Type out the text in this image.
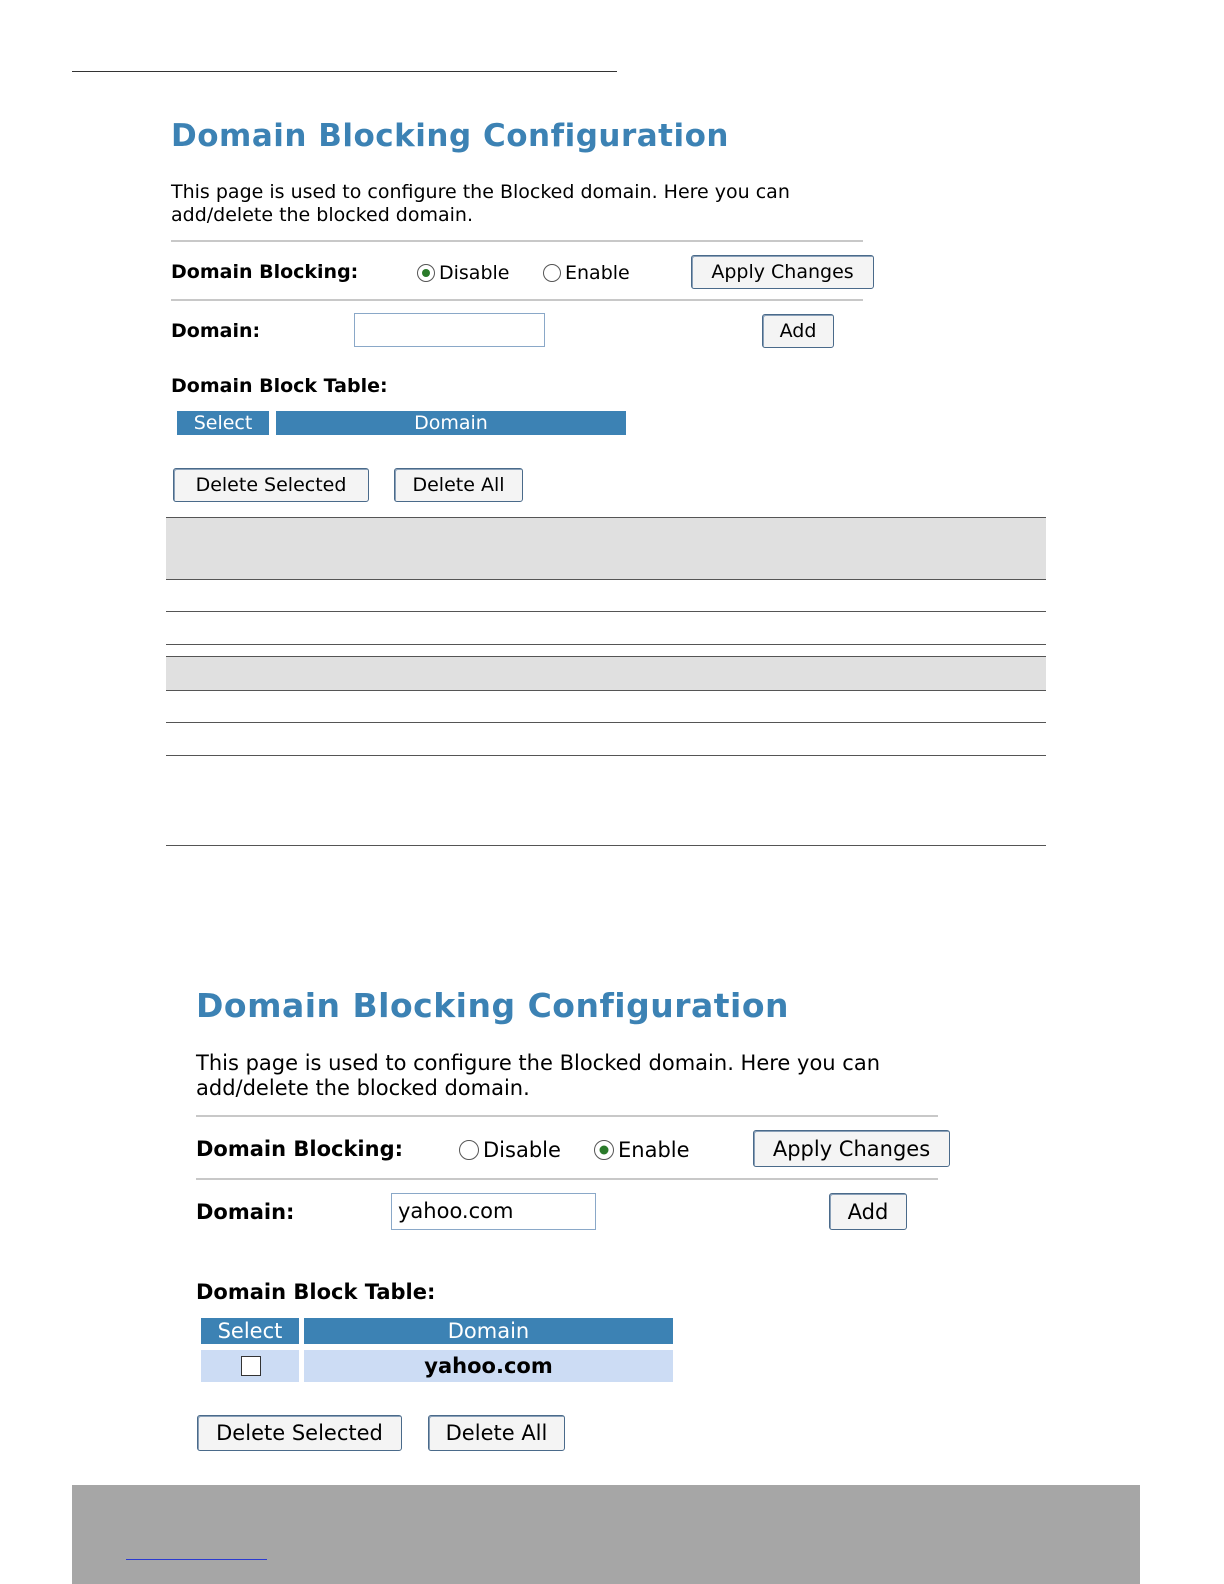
Domain Blocking Configuration
This page is used to configure the Blocked domain. Here you can add/delete the blocked domain.
Domain Blocking:	Disable	Enable	Apply Changes
Domain:	Add
Domain Block Table:
Select	Domain
Delete Selected	Delete All
Domain Blocking Configuration
This page is used to configure the Blocked domain. Here you can add/delete the blocked domain.
Domain Blocking:	Disable	Enable	Apply Changes
Domain:	yahoo.com	Add
Domain Block Table:
Select	Domain
yahoo.com
Delete Selected	Delete All
